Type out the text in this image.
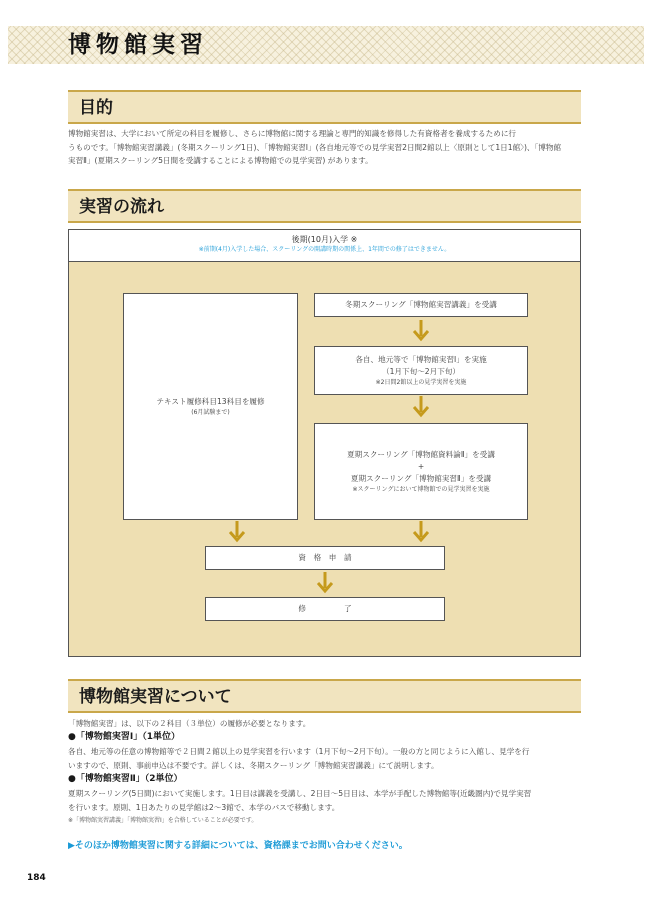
博物館実習
目的
博物館実習は、大学において所定の科目を履修し、さらに博物館に関する理論と専門的知識を修得した有資格者を養成するために行
うものです。「博物館実習講義」(冬期スクーリング1日)、「博物館実習Ⅰ」(各自地元等での見学実習2日間2館以上〈原則として1日1館〉)、「博物館
実習Ⅱ」(夏期スクーリング5日間を受講することによる博物館での見学実習) があります。
実習の流れ
後期(10月)入学 ※
※前期(4月)入学した場合、スクーリングの開講時期の関係上、1年間での修了はできません。
テキスト履修科目13科目を履修
(6月試験まで)
冬期スクーリング「博物館実習講義」を受講
各自、地元等で「博物館実習Ⅰ」を実施
（1月下旬～2月下旬）
※2日間2館以上の見学実習を実施
夏期スクーリング「博物館資料論Ⅱ」を受講
+
夏期スクーリング「博物館実習Ⅱ」を受講
※スクーリングにおいて博物館での見学実習を実施
資　格　申　請
修　　　　　了
博物館実習について
「博物館実習」は、以下の２科目（３単位）の履修が必要となります。
●「博物館実習Ⅰ」（1単位）
各自、地元等の任意の博物館等で２日間２館以上の見学実習を行います（1月下旬～2月下旬）。一般の方と同じように入館し、見学を行
いますので、原則、事前申込は不要です。詳しくは、冬期スクーリング「博物館実習講義」にて説明します。
●「博物館実習Ⅱ」（2単位）
夏期スクーリング(5日間)において実施します。1日目は講義を受講し、2日目～5日目は、本学が手配した博物館等(近畿圏内)で見学実習
を行います。原則、1日あたりの見学館は2～3館で、本学のバスで移動します。
※「博物館実習講義」「博物館実習Ⅰ」を合格していることが必要です。
▶そのほか博物館実習に関する詳細については、資格課までお問い合わせください。
184
